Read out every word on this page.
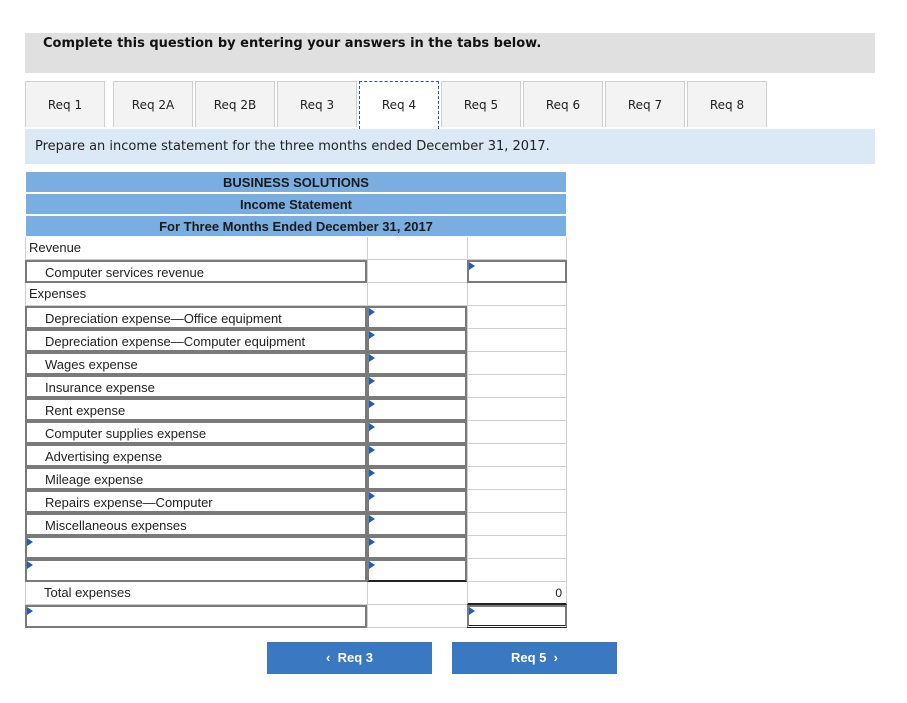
Complete this question by entering your answers in the tabs below.
Req 1	Req 2A	Req 2B	Req 3	Req 4	Req 5	Req 6	Req 7	Req 8
Prepare an income statement for the three months ended December 31, 2017.
BUSINESS SOLUTIONS
Income Statement
For Three Months Ended December 31, 2017
Revenue
Computer services revenue
Expenses
Depreciation expense—Office equipment
Depreciation expense—Computer equipment
Wages expense
Insurance expense
Rent expense
Computer supplies expense
Advertising expense
Mileage expense
Repairs expense—Computer
Miscellaneous expenses
Total expenses	0
‹ Req 3	Req 5 ›
